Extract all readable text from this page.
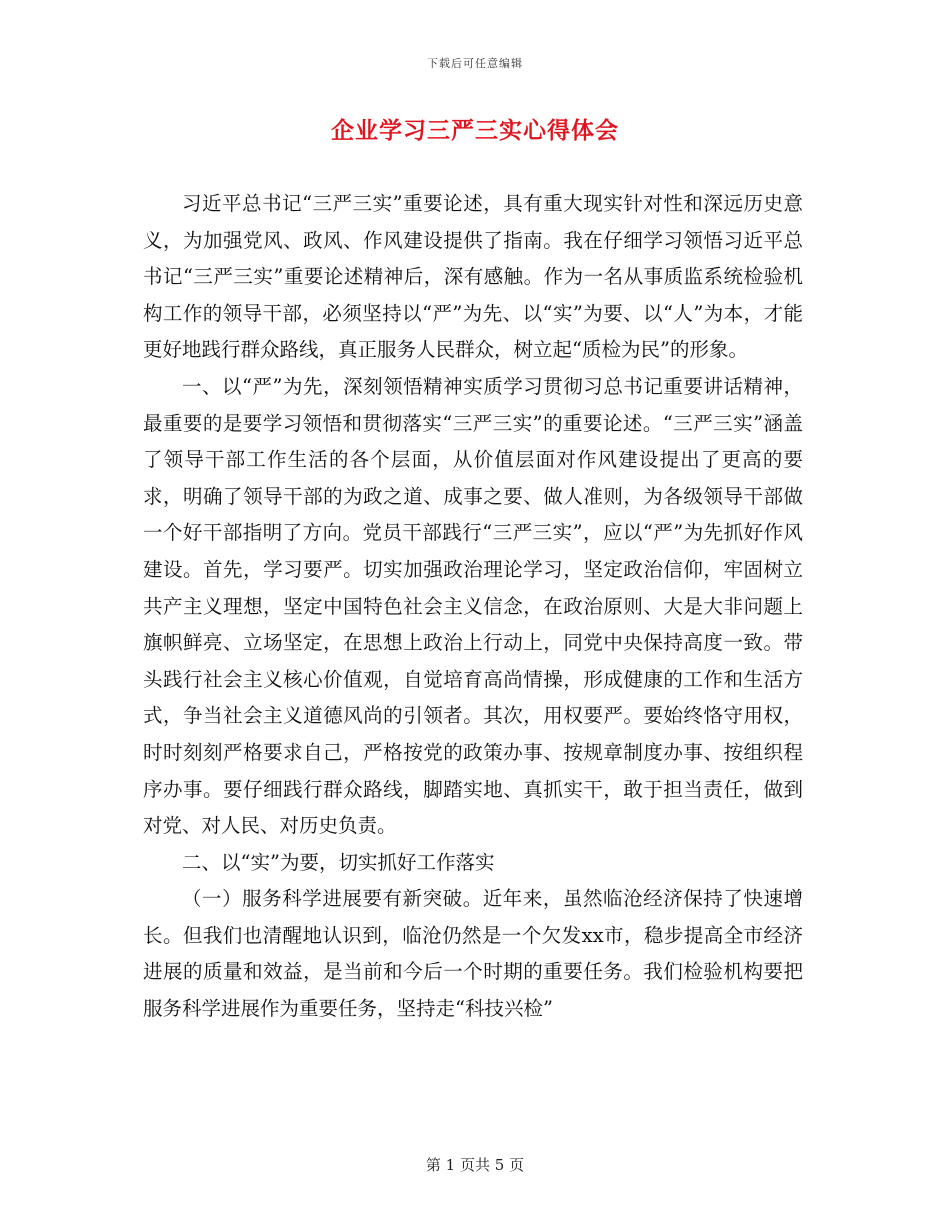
下载后可任意编辑
企业学习三严三实心得体会

习近平总书记“三严三实”重要论述，具有重大现实针对性和深远历史意义，为加强党风、政风、作风建设提供了指南。我在仔细学习领悟习近平总书记“三严三实”重要论述精神后，深有感触。作为一名从事质监系统检验机构工作的领导干部，必须坚持以“严”为先、以“实”为要、以“人”为本，才能更好地践行群众路线，真正服务人民群众，树立起“质检为民”的形象。

一、以“严”为先，深刻领悟精神实质学习贯彻习总书记重要讲话精神，最重要的是要学习领悟和贯彻落实“三严三实”的重要论述。“三严三实”涵盖了领导干部工作生活的各个层面，从价值层面对作风建设提出了更高的要求，明确了领导干部的为政之道、成事之要、做人准则，为各级领导干部做一个好干部指明了方向。党员干部践行“三严三实”，应以“严”为先抓好作风建设。首先，学习要严。切实加强政治理论学习，坚定政治信仰，牢固树立共产主义理想，坚定中国特色社会主义信念，在政治原则、大是大非问题上旗帜鲜亮、立场坚定，在思想上政治上行动上，同党中央保持高度一致。带头践行社会主义核心价值观，自觉培育高尚情操，形成健康的工作和生活方式，争当社会主义道德风尚的引领者。其次，用权要严。要始终恪守用权，时时刻刻严格要求自己，严格按党的政策办事、按规章制度办事、按组织程序办事。要仔细践行群众路线，脚踏实地、真抓实干，敢于担当责任，做到对党、对人民、对历史负责。

二、以“实”为要，切实抓好工作落实

（一）服务科学进展要有新突破。近年来，虽然临沧经济保持了快速增长。但我们也清醒地认识到，临沧仍然是一个欠发xx市，稳步提高全市经济进展的质量和效益，是当前和今后一个时期的重要任务。我们检验机构要把服务科学进展作为重要任务，坚持走“科技兴检”

第 1 页共 5 页
